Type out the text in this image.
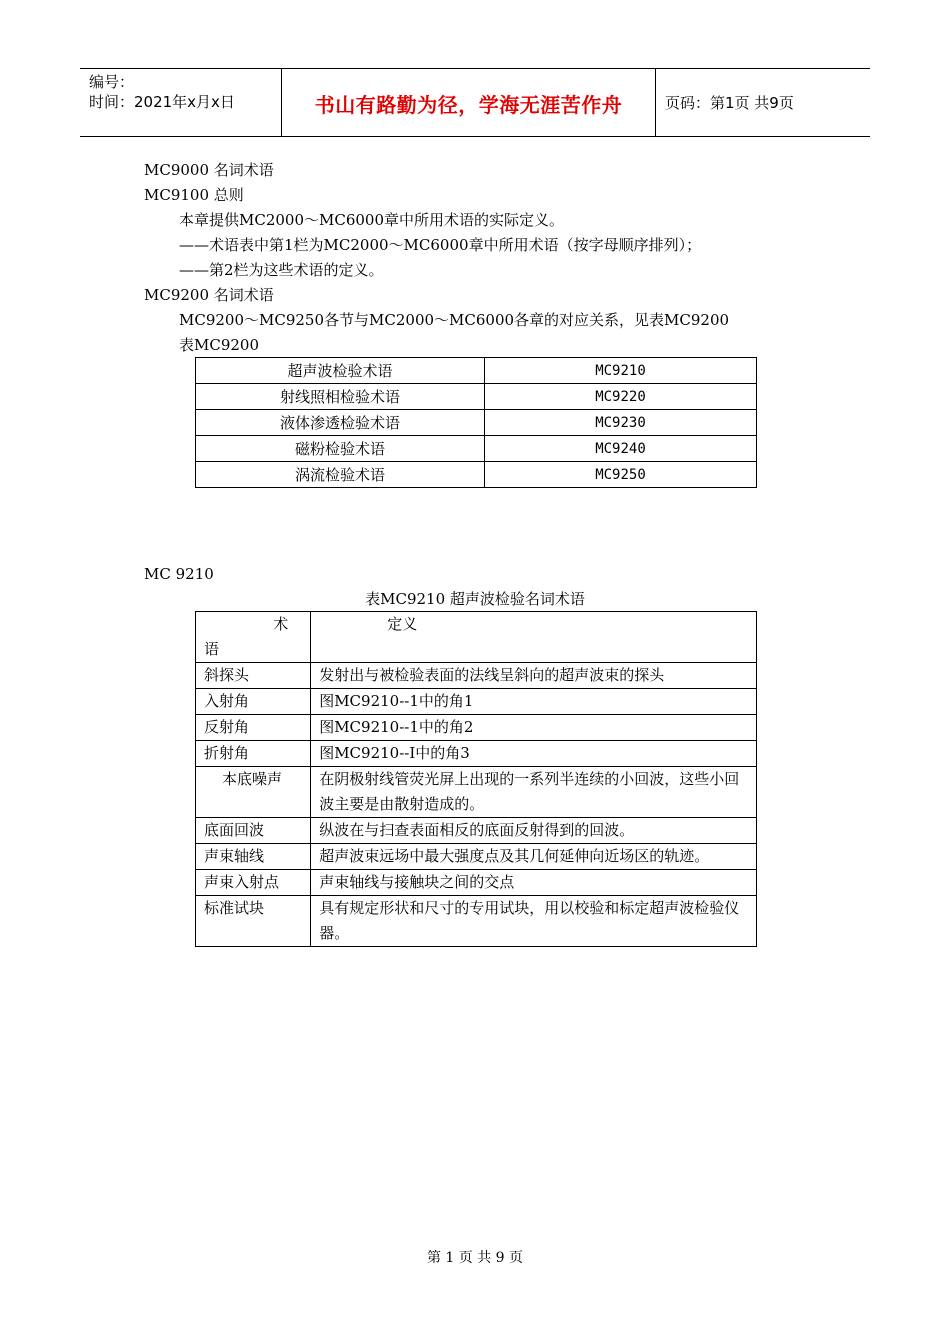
编号：
时间：2021年x月x日	书山有路勤为径，学海无涯苦作舟	页码：第1页 共9页
MC9000 名词术语
MC9100 总则
本章提供MC2000～MC6000章中所用术语的实际定义。
——术语表中第1栏为MC2000～MC6000章中所用术语（按字母顺序排列）；
——第2栏为这些术语的定义。
MC9200 名词术语
MC9200～MC9250各节与MC2000～MC6000各章的对应关系，见表MC9200
表MC9200
超声波检验术语	MC9210
射线照相检验术语	MC9220
液体渗透检验术语	MC9230
磁粉检验术语	MC9240
涡流检验术语	MC9250
MC 9210
表MC9210 超声波检验名词术语
术
语	定义
斜探头	发射出与被检验表面的法线呈斜向的超声波束的探头
入射角	图MC9210--1中的角1
反射角	图MC9210--1中的角2
折射角	图MC9210--I中的角3
本底噪声	在阴极射线管荧光屏上出现的一系列半连续的小回波，这些小回波主要是由散射造成的。
底面回波	纵波在与扫查表面相反的底面反射得到的回波。
声束轴线	超声波束远场中最大强度点及其几何延伸向近场区的轨迹。
声束入射点	声束轴线与接触块之间的交点
标准试块	具有规定形状和尺寸的专用试块，用以校验和标定超声波检验仪器。
第 1 页 共 9 页
